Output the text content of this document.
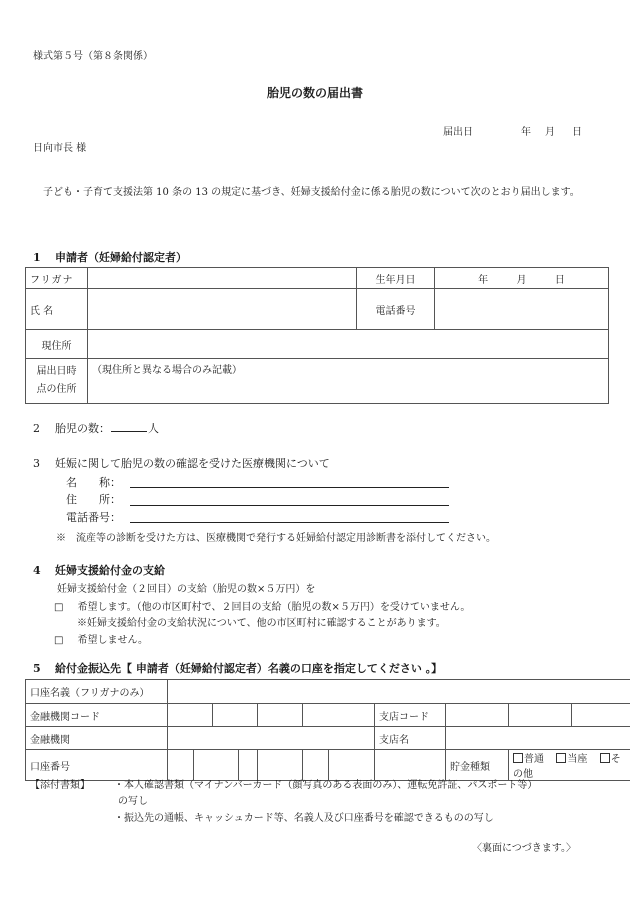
様式第５号（第８条関係）
胎児の数の届出書
届出日	年 月 日
日向市長 様
子ども・子育て支援法第 10 条の 13 の規定に基づき、妊婦支援給付金に係る胎児の数について次のとおり届出します。
1 申請者（妊婦給付認定者）
フリガナ		生年月日	年 月 日
氏 名		電話番号	
現住所			

届出日時
点の住所	（現住所と異なる場合のみ記載）		
2 胎児の数：	人
3 妊娠に関して胎児の数の確認を受けた医療機関について
名　　称：
住　　所：
電話番号：
※　流産等の診断を受けた方は、医療機関で発行する妊婦給付認定用診断書を添付してください。
4 妊婦支援給付金の支給
妊婦支援給付金（２回目）の支給（胎児の数×５万円）を
□ 希望します。（他の市区町村で、２回目の支給（胎児の数×５万円）を受けていません。
※妊婦支援給付金の支給状況について、他の市区町村に確認することがあります。
□ 希望しません。
5 給付金振込先【 申請者（妊婦給付認定者）名義の口座を指定してください 。】
口座名義（フリガナのみ）											
金融機関コード								支店コード			
金融機関								支店名			
口座番号									貯金種類	普通 当座 その他	
【添付書類】 ・本人確認書類（マイナンバーカード（顔写真のある表面のみ）、運転免許証、パスポート等）
の写し
・振込先の通帳、キャッシュカード等、名義人及び口座番号を確認できるものの写し
〈裏面につづきます。〉
